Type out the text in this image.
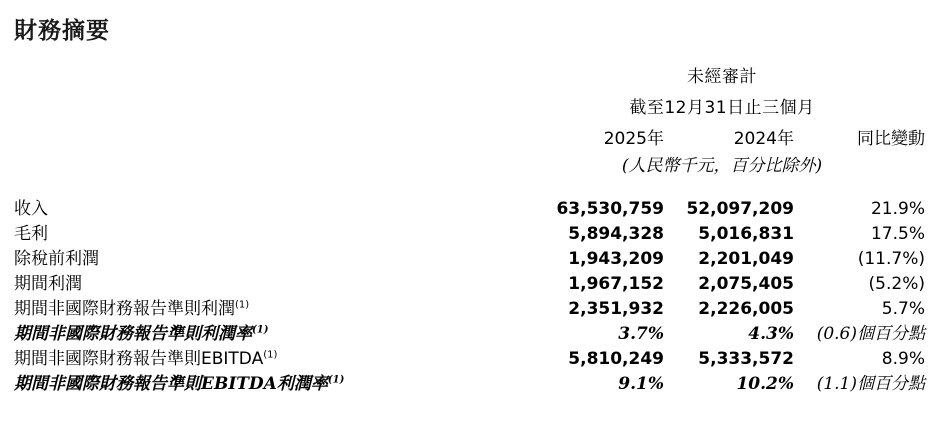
財務摘要
	未經審計		
	截至12月31日止三個月		
	2025年	2024年	同比變動
	(人民幣千元，百分比除外)		
收入	63,530,759	52,097,209	21.9%
毛利	5,894,328	5,016,831	17.5%
除稅前利潤	1,943,209	2,201,049	(11.7%)
期間利潤	1,967,152	2,075,405	(5.2%)
期間非國際財務報告準則利潤$^{(1)}$	2,351,932	2,226,005	5.7%
期間非國際財務報告準則利潤率$^{(1)}$	3.7%	4.3%	(0.6)個百分點
期間非國際財務報告準則EBITDA$^{(1)}$	5,810,249	5,333,572	8.9%
期間非國際財務報告準則EBITDA利潤率$^{(1)}$	9.1%	10.2%	(1.1)個百分點
